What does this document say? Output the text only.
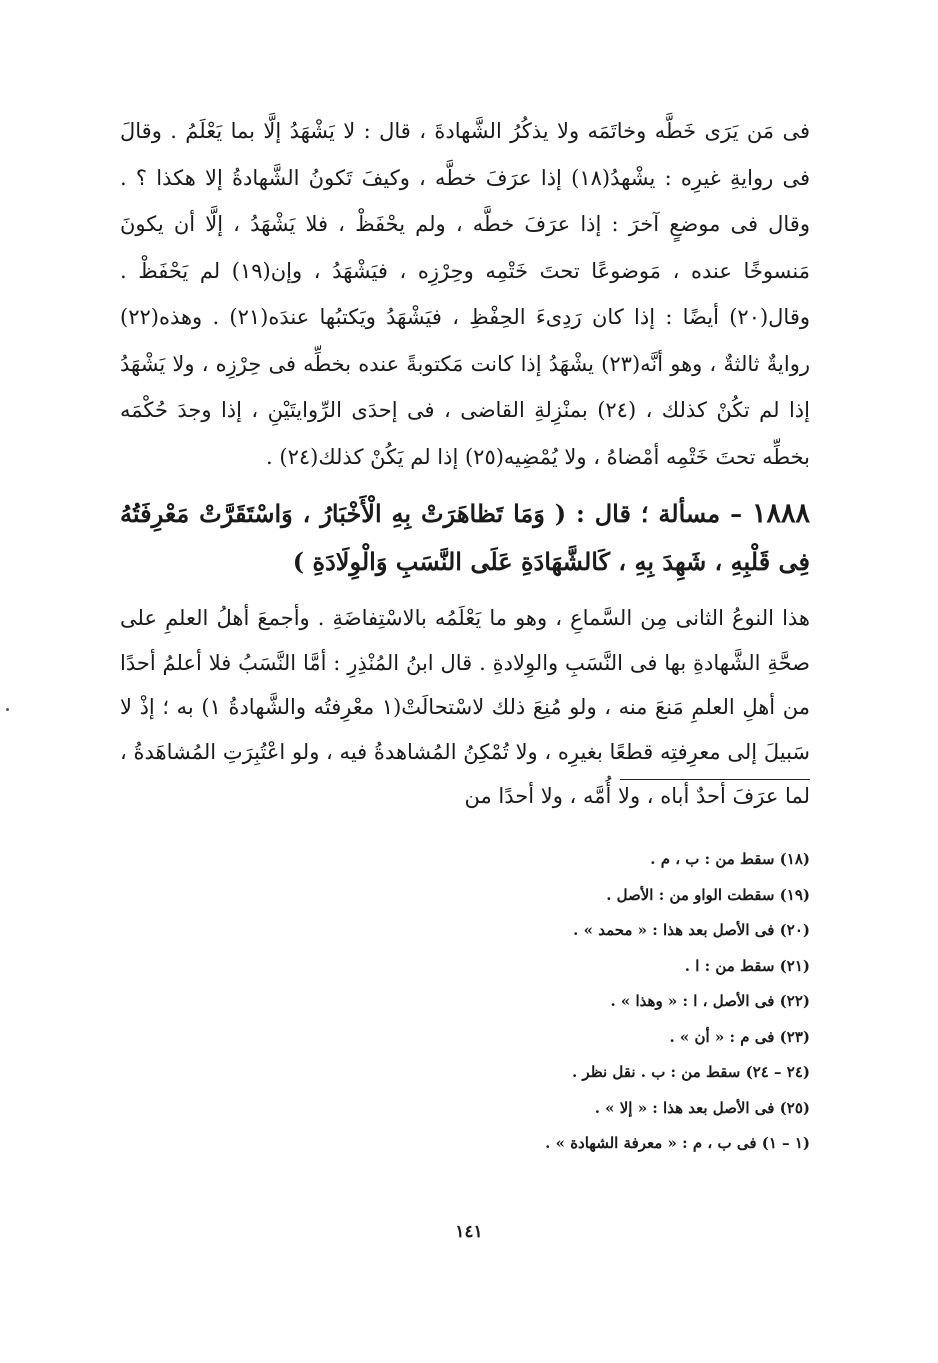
فى مَن يَرَى خَطَّه وخاتَمَه ولا يذكُرُ الشَّهادةَ ، قال : لا يَشْهَدُ إلَّا بما يَعْلَمُ . وقالَ فى روايةِ غيرِه : يشْهدُ(١٨) إذا عرَفَ خطَّه ، وكيفَ تَكونُ الشَّهادةُ إلا هكذا ؟ . وقال فى موضعٍ آخرَ : إذا عرَفَ خطَّه ، ولم يحْفَظْ ، فلا يَشْهَدُ ، إلَّا أن يكونَ مَنسوخًا عنده ، مَوضوعًا تحتَ خَتْمِه وحِرْزِه ، فيَشْهَدُ ، وإن(١٩) لم يَحْفَظْ . وقال(٢٠) أيضًا : إذا كان رَدِىءَ الحِفْظِ ، فيَشْهَدُ ويَكتبُها عندَه(٢١) . وهذه(٢٢) روايةٌ ثالثةٌ ، وهو أنَّه(٢٣) يشْهَدُ إذا كانت مَكتوبةً عنده بخطِّه فى حِرْزِه ، ولا يَشْهَدُ إذا لم تكُنْ كذلك ، (٢٤) بمنْزِلةِ القاضى ، فى إحدَى الرِّوايتَيْنِ ، إذا وجدَ حُكْمَه بخطِّه تحتَ خَتْمِه أمْضاهُ ، ولا يُمْضِيه(٢٥) إذا لم يَكُنْ كذلك(٢٤) .
١٨٨٨ – مسألة ؛ قال : ( وَمَا تَظاهَرَتْ بِهِ الْأَخْبَارُ ، وَاسْتَقَرَّتْ مَعْرِفَتُهُ فِى قَلْبِهِ ، شَهِدَ بِهِ ، كَالشَّهَادَةِ عَلَى النَّسَبِ وَالْوِلَادَةِ )
هذا النوعُ الثانى مِن السَّماعِ ، وهو ما يَعْلَمُه بالاسْتِفاضَةِ . وأجمعَ أهلُ العلمِ على صحَّةِ الشَّهادةِ بها فى النَّسَبِ والوِلادةِ . قال ابنُ المُنْذِرِ : أمَّا النَّسَبُ فلا أعلمُ أحدًا من أهلِ العلمِ مَنعَ منه ، ولو مُنِعَ ذلك لاسْتحالَتْ(١ معْرِفتُه والشَّهادةُ ١) به ؛ إذْ لا سَبيلَ إلى معرِفتِه قطعًا بغيرِه ، ولا تُمْكِنُ المُشاهدةُ فيه ، ولو اعْتُبِرَتِ المُشاهَدةُ ، لما عرَفَ أحدٌ أباه ، ولا أُمَّه ، ولا أحدًا من
(١٨) سقط من : ب ، م .
(١٩) سقطت الواو من : الأصل .
(٢٠) فى الأصل بعد هذا : « محمد » .
(٢١) سقط من : ا .
(٢٢) فى الأصل ، ا : « وهذا » .
(٢٣) فى م : « أن » .
(٢٤ – ٢٤) سقط من : ب . نقل نظر .
(٢٥) فى الأصل بعد هذا : « إلا » .
(١ – ١) فى ب ، م : « معرفة الشهادة » .
١٤١
